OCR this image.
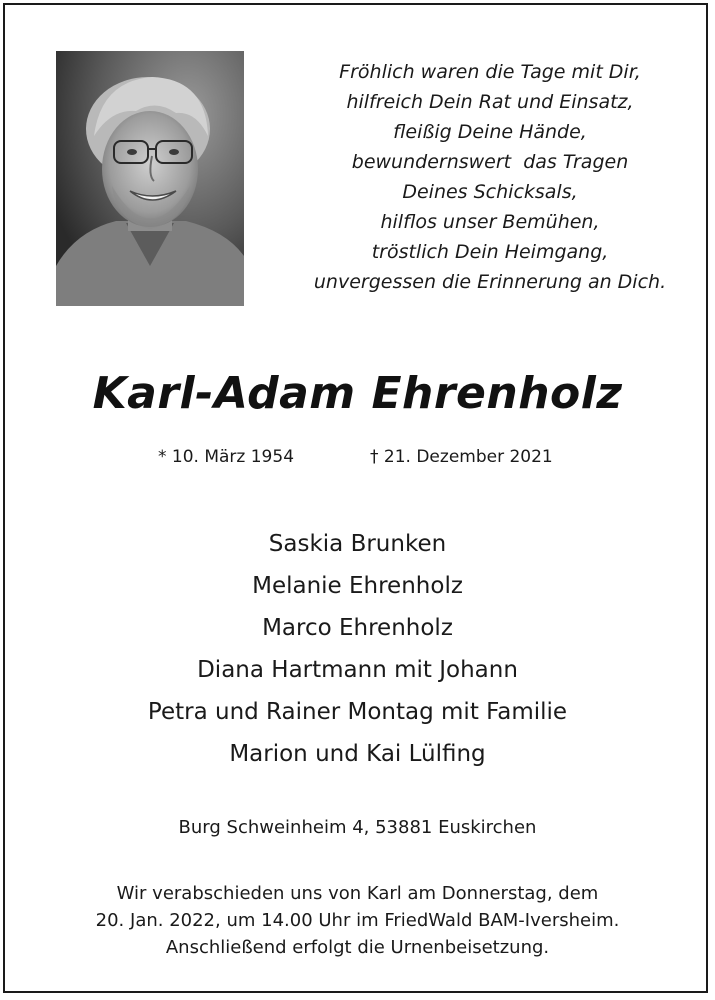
Fröhlich waren die Tage mit Dir,
hilfreich Dein Rat und Einsatz,
fleißig Deine Hände,
bewundernswert  das Tragen
Deines Schicksals,
hilflos unser Bemühen,
tröstlich Dein Heimgang,
unvergessen die Erinnerung an Dich.
Karl-Adam Ehrenholz
* 10. März 1954	† 21. Dezember 2021
Saskia Brunken
Melanie Ehrenholz
Marco Ehrenholz
Diana Hartmann mit Johann
Petra und Rainer Montag mit Familie
Marion und Kai Lülfing
Burg Schweinheim 4, 53881 Euskirchen
Wir verabschieden uns von Karl am Donnerstag, dem
20. Jan. 2022, um 14.00 Uhr im FriedWald BAM-Iversheim.
Anschließend erfolgt die Urnenbeisetzung.
